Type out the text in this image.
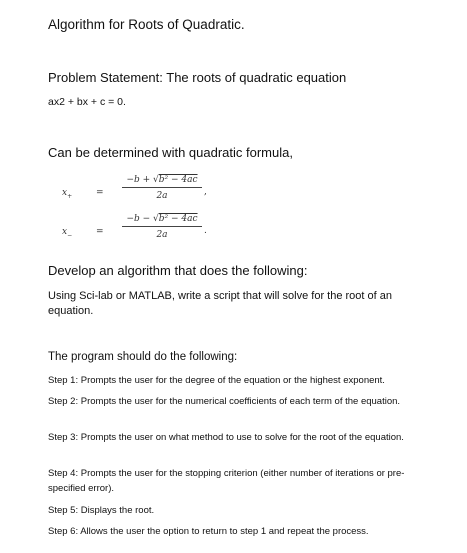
Algorithm for Roots of Quadratic.
Problem Statement: The roots of quadratic equation
ax2 + bx + c = 0.
Can be determined with quadratic formula,
$x_+$	= $\frac{\text{−b + √b² − 4ac}}{2a}$ ,
$x_-$	= $\frac{\text{−b − √b² − 4ac}}{2a}$ .
Develop an algorithm that does the following:
Using Sci-lab or MATLAB, write a script that will solve for the root of an equation.
The program should do the following:
Step 1: Prompts the user for the degree of the equation or the highest exponent.
Step 2: Prompts the user for the numerical coefficients of each term of the equation.
Step 3: Prompts the user on what method to use to solve for the root of the equation.
Step 4: Prompts the user for the stopping criterion (either number of iterations or pre-specified error).
Step 5: Displays the root.
Step 6: Allows the user the option to return to step 1 and repeat the process.
